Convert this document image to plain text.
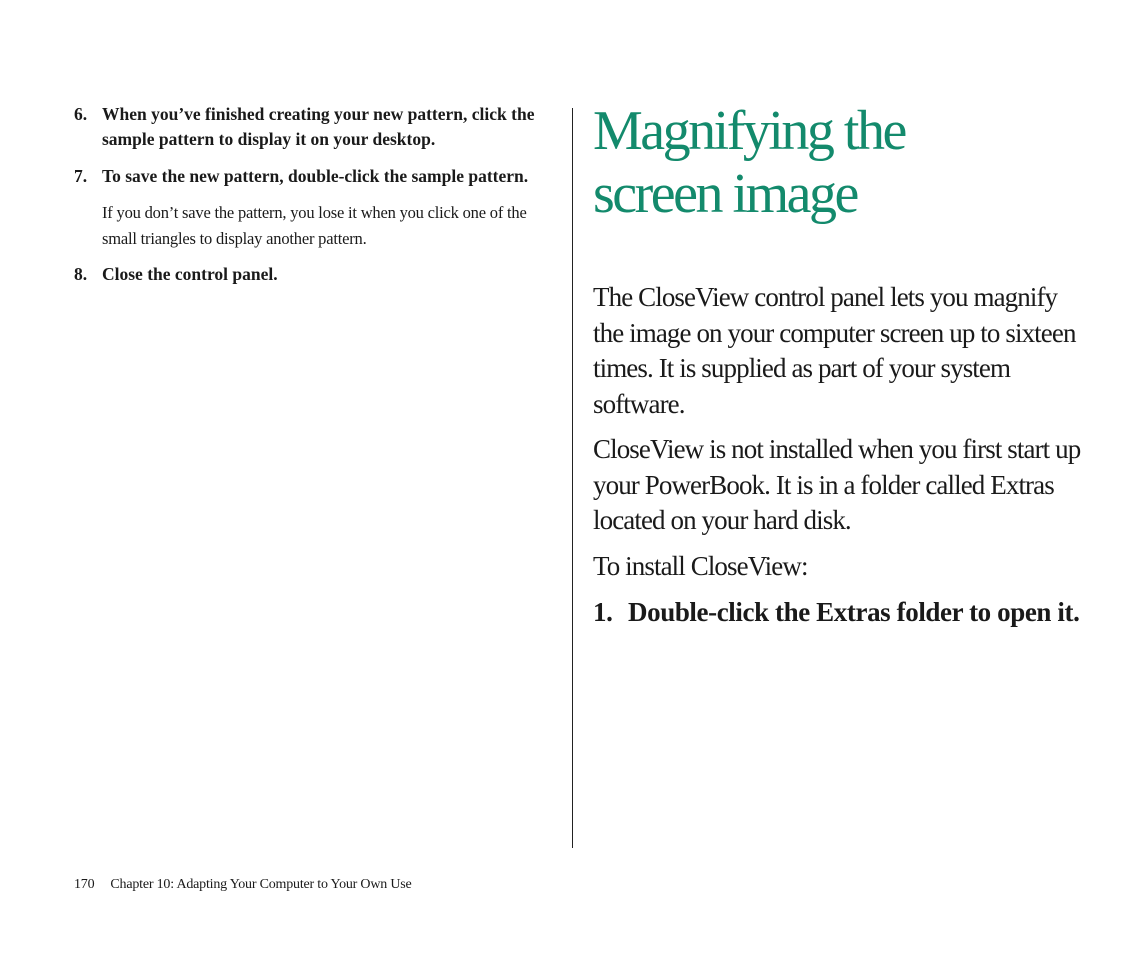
6. When you’ve finished creating your new pattern, click the sample pattern to display it on your desktop.
7. To save the new pattern, double-click the sample pattern.
If you don’t save the pattern, you lose it when you click one of the small triangles to display another pattern.
8. Close the control panel.
Magnifying the
screen image

The CloseView control panel lets you magnify the image on your computer screen up to sixteen times. It is supplied as part of your system software.

CloseView is not installed when you first start up your PowerBook. It is in a folder called Extras located on your hard disk.

To install CloseView:

1. Double-click the Extras folder to open it.
170 Chapter 10: Adapting Your Computer to Your Own Use
